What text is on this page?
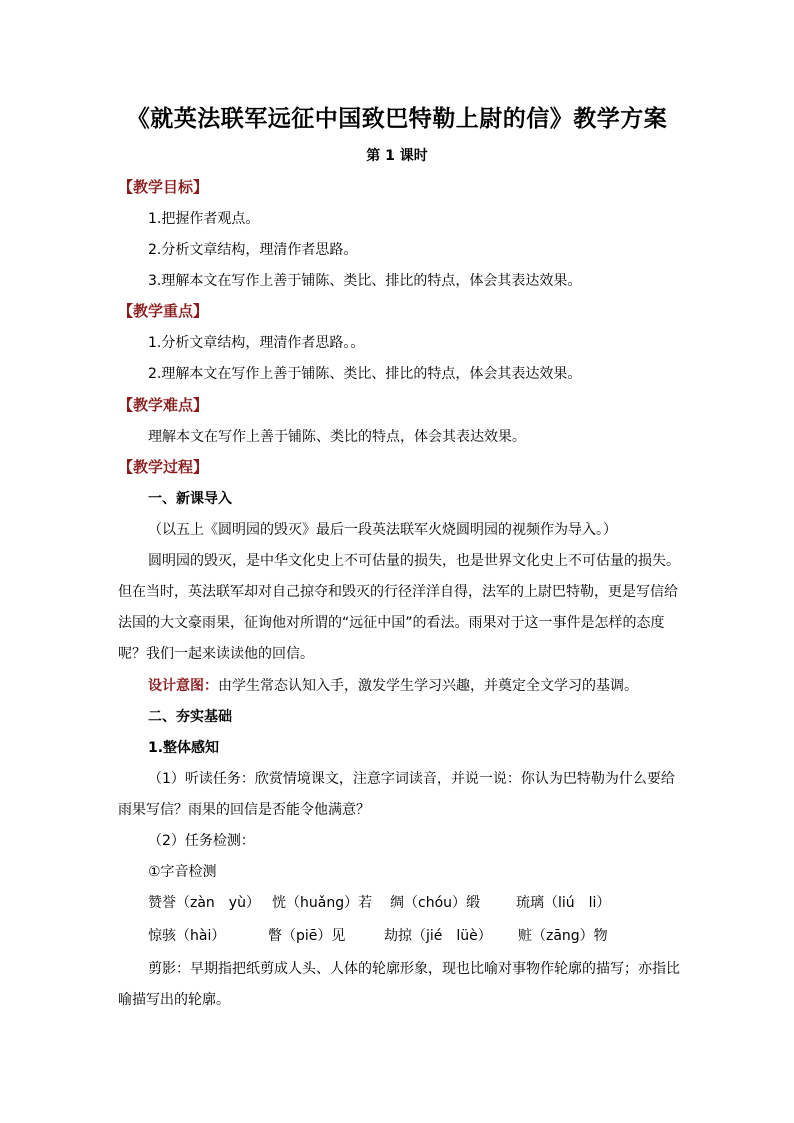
《就英法联军远征中国致巴特勒上尉的信》教学方案
第 1 课时
【教学目标】
1.把握作者观点。
2.分析文章结构，理清作者思路。
3.理解本文在写作上善于铺陈、类比、排比的特点，体会其表达效果。
【教学重点】
1.分析文章结构，理清作者思路。。
2.理解本文在写作上善于铺陈、类比、排比的特点，体会其表达效果。
【教学难点】
理解本文在写作上善于铺陈、类比的特点，体会其表达效果。
【教学过程】
一、新课导入
（以五上《圆明园的毁灭》最后一段英法联军火烧圆明园的视频作为导入。）
圆明园的毁灭，是中华文化史上不可估量的损失，也是世界文化史上不可估量的损失。
但在当时，英法联军却对自己掠夺和毁灭的行径洋洋自得，法军的上尉巴特勒，更是写信给
法国的大文豪雨果，征询他对所谓的“远征中国”的看法。雨果对于这一事件是怎样的态度
呢？我们一起来读读他的回信。
设计意图：由学生常态认知入手，激发学生学习兴趣，并奠定全文学习的基调。
二、夯实基础
1.整体感知
（1）听读任务：欣赏情境课文，注意字词读音，并说一说：你认为巴特勒为什么要给
雨果写信？雨果的回信是否能令他满意？
（2）任务检测：
①字音检测
赞誉（zàn　yù） 恍（huǎng）若 绸（chóu）缎	琉璃（liú　li）
惊骇（hài）	瞥（piē）见	劫掠（jié　lüè） 赃（zāng）物
剪影：早期指把纸剪成人头、人体的轮廓形象，现也比喻对事物作轮廓的描写；亦指比
喻描写出的轮廓。
